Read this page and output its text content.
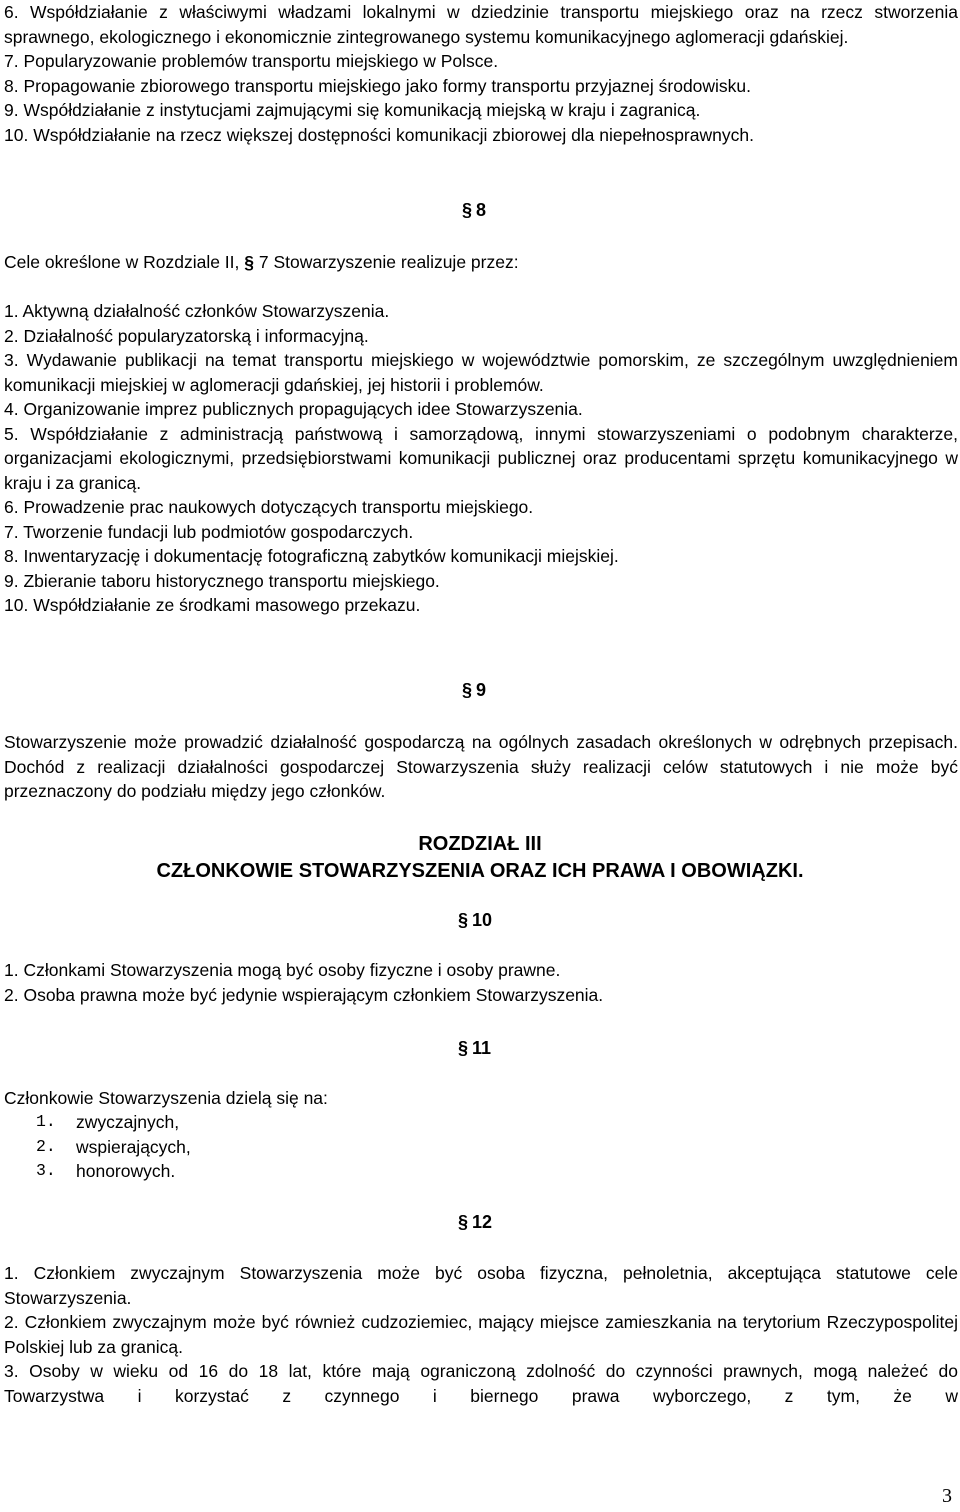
6. Współdziałanie z właściwymi władzami lokalnymi w dziedzinie transportu miejskiego oraz na rzecz stworzenia sprawnego, ekologicznego i ekonomicznie zintegrowanego systemu komunikacyjnego aglomeracji gdańskiej.

7. Popularyzowanie problemów transportu miejskiego w Polsce.

8. Propagowanie zbiorowego transportu miejskiego jako formy transportu przyjaznej środowisku.

9. Współdziałanie z instytucjami zajmującymi się komunikacją miejską w kraju i zagranicą.

10. Współdziałanie na rzecz większej dostępności komunikacji zbiorowej dla niepełnosprawnych.

§ 8

Cele określone w Rozdziale II, § 7 Stowarzyszenie realizuje przez:

1. Aktywną działalność członków Stowarzyszenia.

2. Działalność popularyzatorską i informacyjną.

3. Wydawanie publikacji na temat transportu miejskiego w województwie pomorskim, ze szczególnym uwzględnieniem komunikacji miejskiej w aglomeracji gdańskiej, jej historii i problemów.

4. Organizowanie imprez publicznych propagujących idee Stowarzyszenia.

5. Współdziałanie z administracją państwową i samorządową, innymi stowarzyszeniami o podobnym charakterze, organizacjami ekologicznymi, przedsiębiorstwami komunikacji publicznej oraz producentami sprzętu komunikacyjnego w kraju i za granicą.

6. Prowadzenie prac naukowych dotyczących transportu miejskiego.

7. Tworzenie fundacji lub podmiotów gospodarczych.

8. Inwentaryzację i dokumentację fotograficzną zabytków komunikacji miejskiej.

9. Zbieranie taboru historycznego transportu miejskiego.

10. Współdziałanie ze środkami masowego przekazu.

§ 9

Stowarzyszenie może prowadzić działalność gospodarczą na ogólnych zasadach określonych w odrębnych przepisach. Dochód z realizacji działalności gospodarczej Stowarzyszenia służy realizacji celów statutowych i nie może być przeznaczony do podziału między jego członków.

ROZDZIAŁ III
CZŁONKOWIE STOWARZYSZENIA ORAZ ICH PRAWA I OBOWIĄZKI.
§ 10

1. Członkami Stowarzyszenia mogą być osoby fizyczne i osoby prawne.

2. Osoba prawna może być jedynie wspierającym członkiem Stowarzyszenia.

§ 11

Członkowie Stowarzyszenia dzielą się na:

1. zwyczajnych,
2. wspierających,
3. honorowych.
§ 12

1. Członkiem zwyczajnym Stowarzyszenia może być osoba fizyczna, pełnoletnia, akceptująca statutowe cele Stowarzyszenia.

2. Członkiem zwyczajnym może być również cudzoziemiec, mający miejsce zamieszkania na terytorium Rzeczypospolitej Polskiej lub za granicą.

3. Osoby w wieku od 16 do 18 lat, które mają ograniczoną zdolność do czynności prawnych, mogą należeć do Towarzystwa i korzystać z czynnego i biernego prawa wyborczego, z tym, że w

3
